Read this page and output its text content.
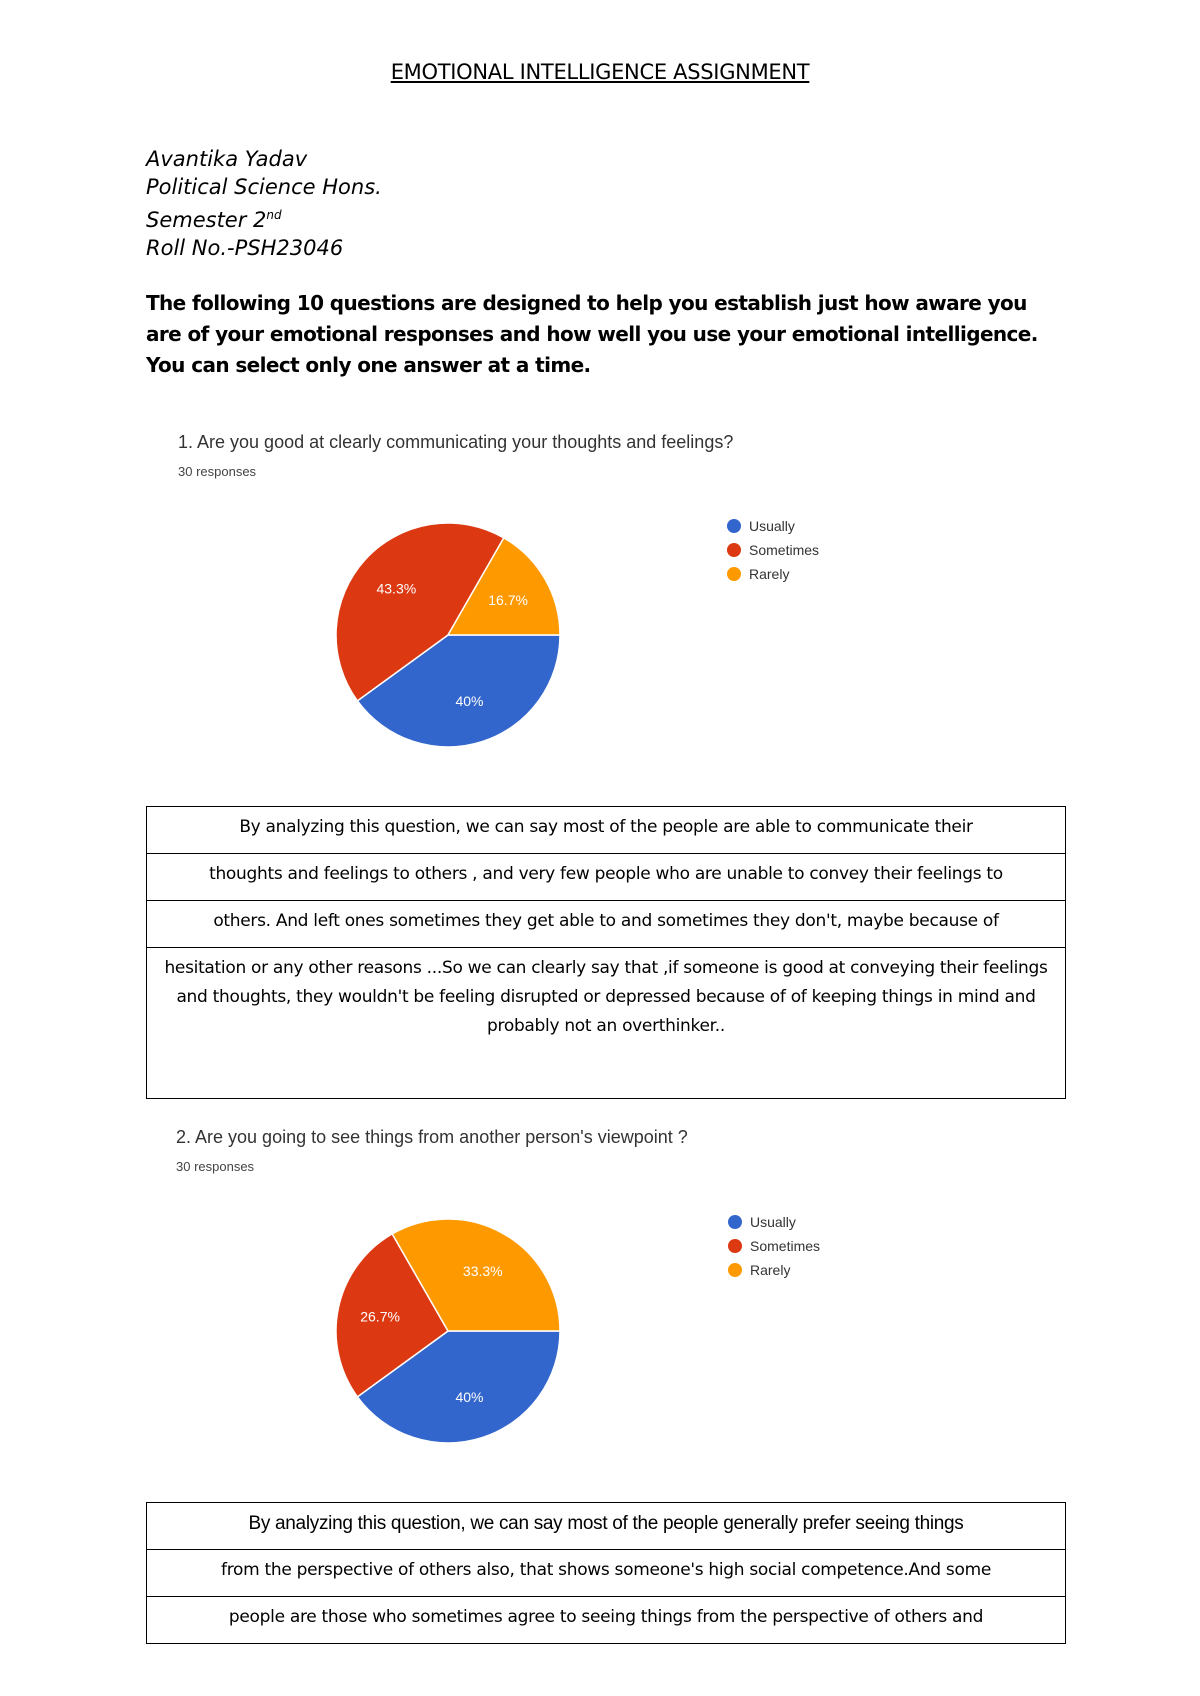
EMOTIONAL INTELLIGENCE ASSIGNMENT
Avantika Yadav
Political Science Hons.
Semester 2nd
Roll No.-PSH23046
The following 10 questions are designed to help you establish just how aware you are of your emotional responses and how well you use your emotional intelligence. You can select only one answer at a time.
1. Are you good at clearly communicating your thoughts and feelings?
30 responses
40%
43.3%
16.7%
Usually
Sometimes
Rarely
By analyzing this question, we can say most of the people are able to communicate their
thoughts and feelings to others , and very few people who are unable to convey their feelings to
others. And left ones sometimes they get able to and sometimes they don't, maybe because of
hesitation or any other reasons ...So we can clearly say that ,if someone is good at conveying their feelings and thoughts, they wouldn't be feeling disrupted or depressed because of of keeping things in mind and probably not an overthinker..
2. Are you going to see things from another person's viewpoint ?
30 responses
40%
26.7%
33.3%
Usually
Sometimes
Rarely
By analyzing this question, we can say most of the people generally prefer seeing things
from the perspective of others also, that shows someone's high social competence.And some
people are those who sometimes agree to seeing things from the perspective of others and
